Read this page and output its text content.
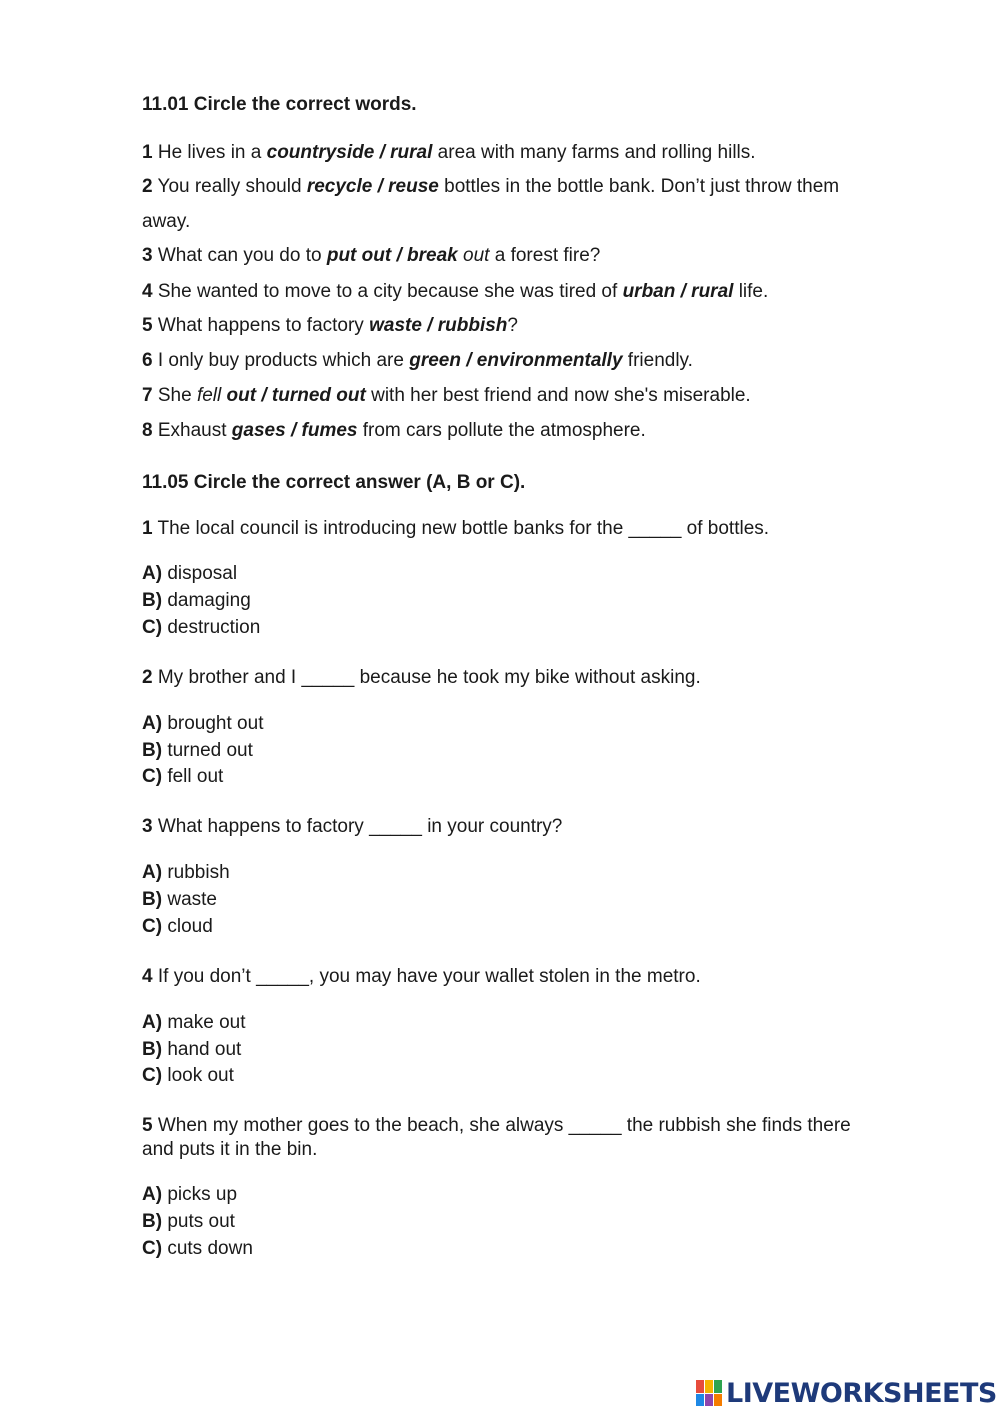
11.01 Circle the correct words.
1 He lives in a countryside / rural area with many farms and rolling hills.
2 You really should recycle / reuse bottles in the bottle bank. Don’t just throw them
away.
3 What can you do to put out / break out a forest fire?
4 She wanted to move to a city because she was tired of urban / rural life.
5 What happens to factory waste / rubbish?
6 I only buy products which are green / environmentally friendly.
7 She fell out / turned out with her best friend and now she's miserable.
8 Exhaust gases / fumes from cars pollute the atmosphere.
11.05 Circle the correct answer (A, B or C).
1 The local council is introducing new bottle banks for the _____ of bottles.
A) disposal
B) damaging
C) destruction
2 My brother and I _____ because he took my bike without asking.
A) brought out
B) turned out
C) fell out
3 What happens to factory _____ in your country?
A) rubbish
B) waste
C) cloud
4 If you don’t _____, you may have your wallet stolen in the metro.
A) make out
B) hand out
C) look out
5 When my mother goes to the beach, she always _____ the rubbish she finds there
and puts it in the bin.
A) picks up
B) puts out
C) cuts down
LIVEWORKSHEETS
